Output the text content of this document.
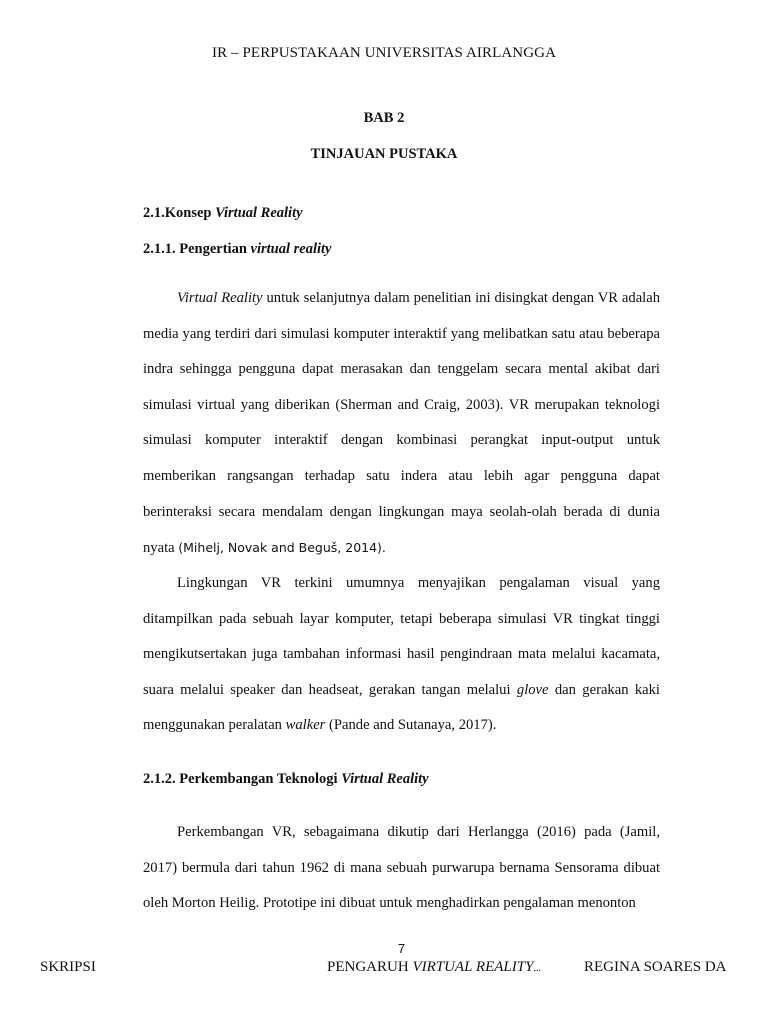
IR – PERPUSTAKAAN UNIVERSITAS AIRLANGGA
BAB 2
TINJAUAN PUSTAKA
2.1.Konsep Virtual Reality
2.1.1. Pengertian virtual reality

Virtual Reality untuk selanjutnya dalam penelitian ini disingkat dengan VR adalah media yang terdiri dari simulasi komputer interaktif yang melibatkan satu atau beberapa indra sehingga pengguna dapat merasakan dan tenggelam secara mental akibat dari simulasi virtual yang diberikan (Sherman and Craig, 2003). VR merupakan teknologi simulasi komputer interaktif dengan kombinasi perangkat input-output untuk memberikan rangsangan terhadap satu indera atau lebih agar pengguna dapat berinteraksi secara mendalam dengan lingkungan maya seolah-olah berada di dunia nyata (Mihelj, Novak and Beguš, 2014).

Lingkungan VR terkini umumnya menyajikan pengalaman visual yang ditampilkan pada sebuah layar komputer, tetapi beberapa simulasi VR tingkat tinggi mengikutsertakan juga tambahan informasi hasil pengindraan mata melalui kacamata, suara melalui speaker dan headseat, gerakan tangan melalui glove dan gerakan kaki menggunakan peralatan walker (Pande and Sutanaya, 2017).

2.1.2. Perkembangan Teknologi Virtual Reality

Perkembangan VR, sebagaimana dikutip dari Herlangga (2016) pada (Jamil, 2017) bermula dari tahun 1962 di mana sebuah purwarupa bernama Sensorama dibuat oleh Morton Heilig. Prototipe ini dibuat untuk menghadirkan pengalaman menonton

7
SKRIPSI	PENGARUH VIRTUAL REALITY...	REGINA SOARES DA
